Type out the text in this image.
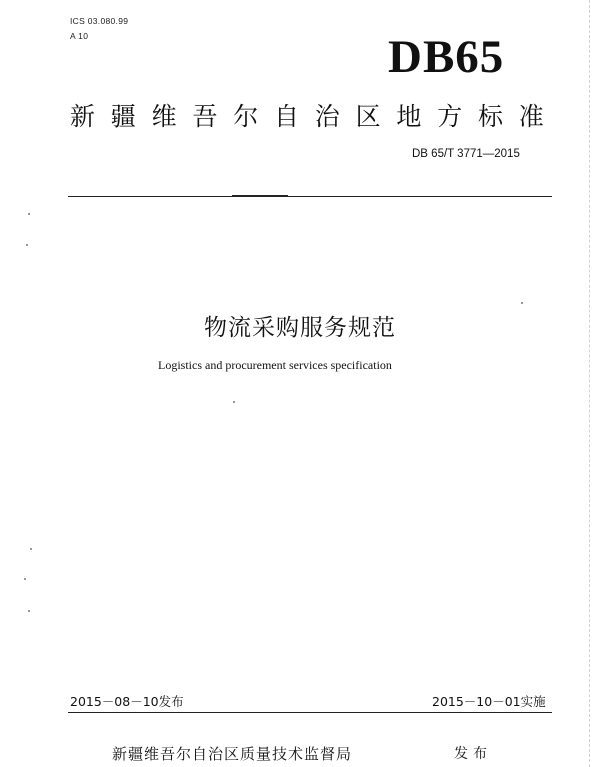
ICS 03.080.99
A 10	DB65
新疆维吾尔自治区地方标准
DB 65/T 3771—2015
物流采购服务规范
Logistics and procurement services specification
2015－08－10发布	2015－10－01实施
新疆维吾尔自治区质量技术监督局	发布
